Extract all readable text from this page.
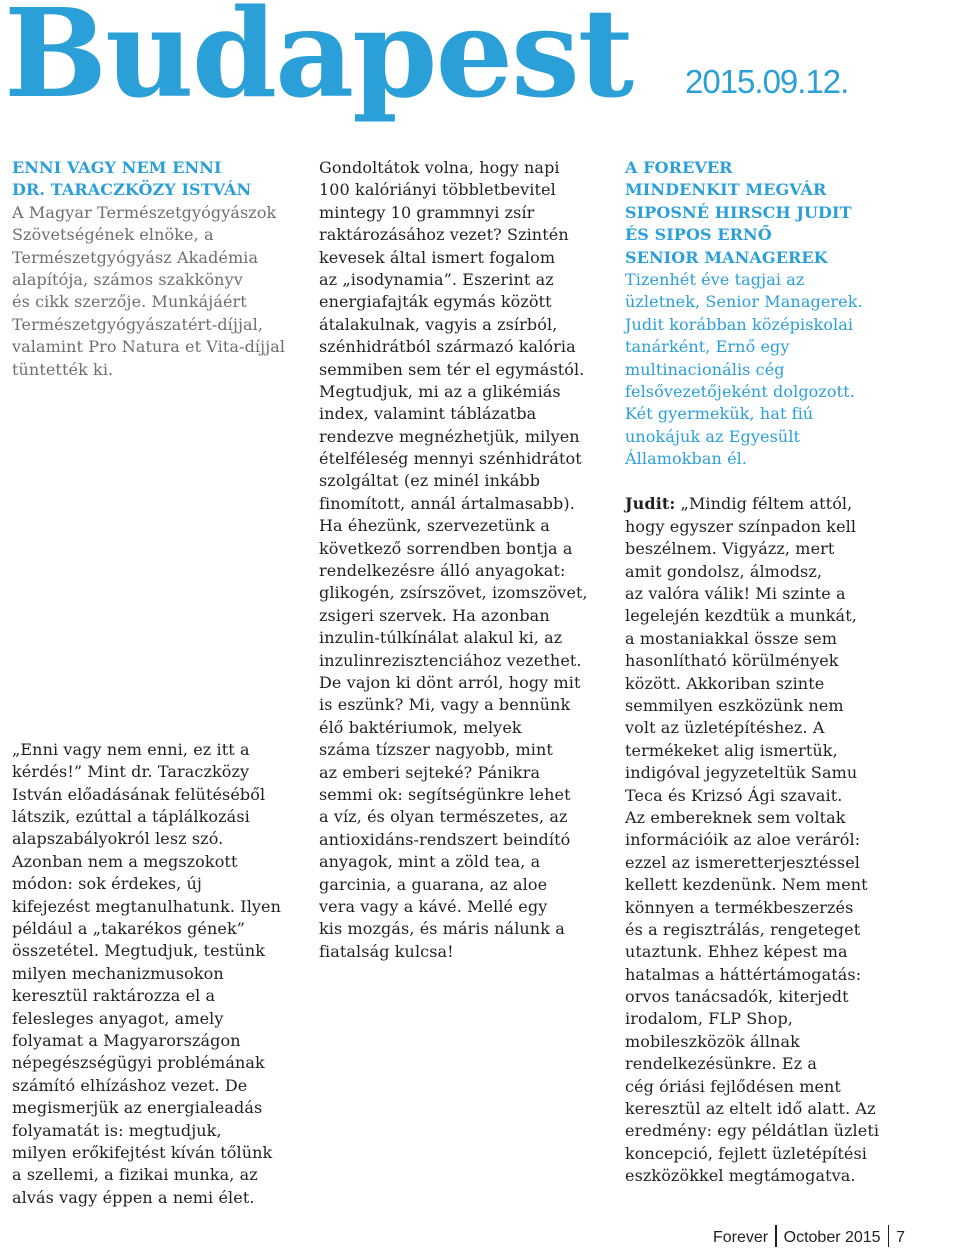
Budapest 2015.09.12.
ENNI VAGY NEM ENNI
DR. TARACZKÖZY ISTVÁN
A Magyar Természetgyógyászok
Szövetségének elnöke, a
Természetgyógyász Akadémia
alapítója, számos szakkönyv
és cikk szerzője. Munkájáért
Természetgyógyászatért-díjjal,
valamint Pro Natura et Vita-díjjal
tüntették ki.
„Enni vagy nem enni, ez itt a
kérdés!” Mint dr. Taraczközy
István előadásának felütéséből
látszik, ezúttal a táplálkozási
alapszabályokról lesz szó.
Azonban nem a megszokott
módon: sok érdekes, új
kifejezést megtanulhatunk. Ilyen
például a „takarékos gének”
összetétel. Megtudjuk, testünk
milyen mechanizmusokon
keresztül raktározza el a
felesleges anyagot, amely
folyamat a Magyarországon
népegészségügyi problémának
számító elhízáshoz vezet. De
megismerjük az energialeadás
folyamatát is: megtudjuk,
milyen erőkifejtést kíván tőlünk
a szellemi, a fizikai munka, az
alvás vagy éppen a nemi élet.
Gondoltátok volna, hogy napi
100 kalóriányi többletbevitel
mintegy 10 grammnyi zsír
raktározásához vezet? Szintén
kevesek által ismert fogalom
az „isodynamia”. Eszerint az
energiafajták egymás között
átalakulnak, vagyis a zsírból,
szénhidrátból származó kalória
semmiben sem tér el egymástól.
Megtudjuk, mi az a glikémiás
index, valamint táblázatba
rendezve megnézhetjük, milyen
ételféleség mennyi szénhidrátot
szolgáltat (ez minél inkább
finomított, annál ártalmasabb).
Ha éhezünk, szervezetünk a
következő sorrendben bontja a
rendelkezésre álló anyagokat:
glikogén, zsírszövet, izomszövet,
zsigeri szervek. Ha azonban
inzulin-túlkínálat alakul ki, az
inzulinrezisztenciához vezethet.
De vajon ki dönt arról, hogy mit
is eszünk? Mi, vagy a bennünk
élő baktériumok, melyek
száma tízszer nagyobb, mint
az emberi sejteké? Pánikra
semmi ok: segítségünkre lehet
a víz, és olyan természetes, az
antioxidáns-rendszert beindító
anyagok, mint a zöld tea, a
garcinia, a guarana, az aloe
vera vagy a kávé. Mellé egy
kis mozgás, és máris nálunk a
fiatalság kulcsa!
A FOREVER
MINDENKIT MEGVÁR
SIPOSNÉ HIRSCH JUDIT
ÉS SIPOS ERNŐ
SENIOR MANAGEREK
Tizenhét éve tagjai az
üzletnek, Senior Managerek.
Judit korábban középiskolai
tanárként, Ernő egy
multinacionális cég
felsővezetőjeként dolgozott.
Két gyermekük, hat fiú
unokájuk az Egyesült
Államokban él.
Judit: „Mindig féltem attól,
hogy egyszer színpadon kell
beszélnem. Vigyázz, mert
amit gondolsz, álmodsz,
az valóra válik! Mi szinte a
legelején kezdtük a munkát,
a mostaniakkal össze sem
hasonlítható körülmények
között. Akkoriban szinte
semmilyen eszközünk nem
volt az üzletépítéshez. A
termékeket alig ismertük,
indigóval jegyzeteltük Samu
Teca és Krizsó Ági szavait.
Az embereknek sem voltak
információik az aloe veráról:
ezzel az ismeretterjesztéssel
kellett kezdenünk. Nem ment
könnyen a termékbeszerzés
és a regisztrálás, rengeteget
utaztunk. Ehhez képest ma
hatalmas a háttértámogatás:
orvos tanácsadók, kiterjedt
irodalom, FLP Shop,
mobileszközök állnak
rendelkezésünkre. Ez a
cég óriási fejlődésen ment
keresztül az eltelt idő alatt. Az
eredmény: egy példátlan üzleti
koncepció, fejlett üzletépítési
eszközökkel megtámogatva.
Forever October 2015 7
